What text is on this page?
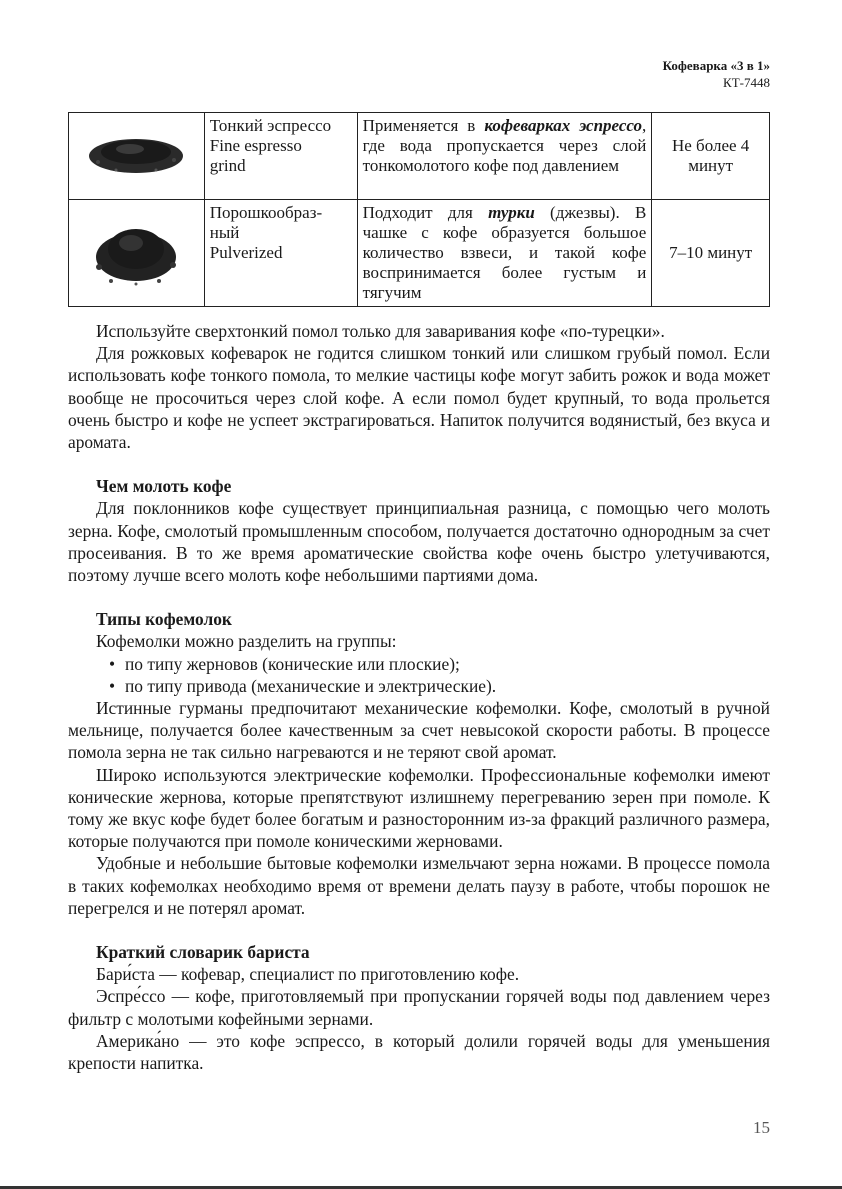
Кофеварка «3 в 1»
КТ-7448

Тонкий эспрессо
Fine espresso
grind	Применяется в кофеварках эспрессо, где вода пропускается через слой тонкомолотого кофе под давлением	Не более 4 минут

Порошкообраз-
ный
Pulverized	Подходит для турки (джезвы). В чашке с кофе образуется большое количество взвеси, и такой кофе воспринимается более густым и тягучим	7–10 минут

Используйте сверхтонкий помол только для заваривания кофе «по-турецки».

Для рожковых кофеварок не годится слишком тонкий или слишком грубый помол. Если использовать кофе тонкого помола, то мелкие частицы кофе могут забить рожок и вода может вообще не просочиться через слой кофе. А если помол будет крупный, то вода прольется очень быстро и кофе не успеет экстрагироваться. Напиток получится водянистый, без вкуса и аромата.

Чем молоть кофе

Для поклонников кофе существует принципиальная разница, с помощью чего молоть зерна. Кофе, смолотый промышленным способом, получается достаточно однородным за счет просеивания. В то же время ароматические свойства кофе очень быстро улетучиваются, поэтому лучше всего молоть кофе небольшими партиями дома.

Типы кофемолок

Кофемолки можно разделить на группы:

• по типу жерновов (конические или плоские);
• по типу привода (механические и электрические).

Истинные гурманы предпочитают механические кофемолки. Кофе, смолотый в ручной мельнице, получается более качественным за счет невысокой скорости работы. В процессе помола зерна не так сильно нагреваются и не теряют свой аромат.

Широко используются электрические кофемолки. Профессиональные кофемолки имеют конические жернова, которые препятствуют излишнему перегреванию зерен при помоле. К тому же вкус кофе будет более богатым и разносторонним из-за фракций различного размера, которые получаются при помоле коническими жерновами.

Удобные и небольшие бытовые кофемолки измельчают зерна ножами. В процессе помола в таких кофемолках необходимо время от времени делать паузу в работе, чтобы порошок не перегрелся и не потерял аромат.

Краткий словарик бариста

Бари́ста — кофевар, специалист по приготовлению кофе.

Эспре́ссо — кофе, приготовляемый при пропускании горячей воды под давлением через фильтр с молотыми кофейными зернами.

Америка́но — это кофе эспрессо, в который долили горячей воды для уменьшения крепости напитка.

15
